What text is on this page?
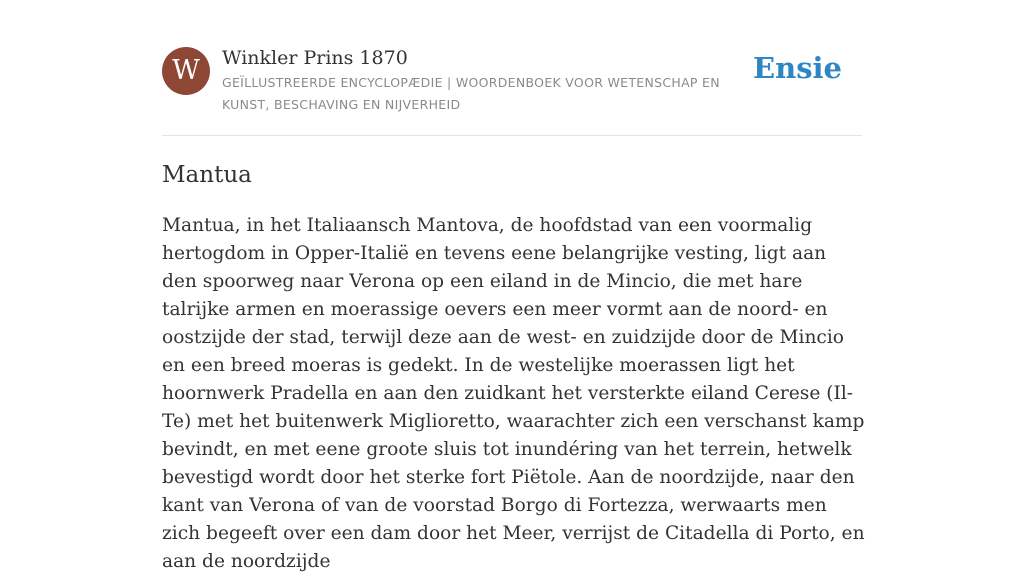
W	Winkler Prins 1870

GEÏLLUSTREERDE ENCYCLOPÆDIE | WOORDENBOEK VOOR WETENSCHAP EN KUNST, BESCHAVING EN NIJVERHEID

Ensie
Mantua

Mantua, in het Italiaansch Mantova, de hoofdstad van een voormalig hertogdom in Opper-Italië en tevens eene belangrijke vesting, ligt aan den spoorweg naar Verona op een eiland in de Mincio, die met hare talrijke armen en moerassige oevers een meer vormt aan de noord- en oostzijde der stad, terwijl deze aan de west- en zuidzijde door de Mincio en een breed moeras is gedekt. In de westelijke moerassen ligt het hoornwerk Pradella en aan den zuidkant het versterkte eiland Cerese (Il-Te) met het buitenwerk Miglioretto, waarachter zich een verschanst kamp bevindt, en met eene groote sluis tot inundéring van het terrein, hetwelk bevestigd wordt door het sterke fort Piëtole. Aan de noordzijde, naar den kant van Verona of van de voorstad Borgo di Fortezza, werwaarts men zich begeeft over een dam door het Meer, verrijst de Citadella di Porto, en aan de noordzijde
